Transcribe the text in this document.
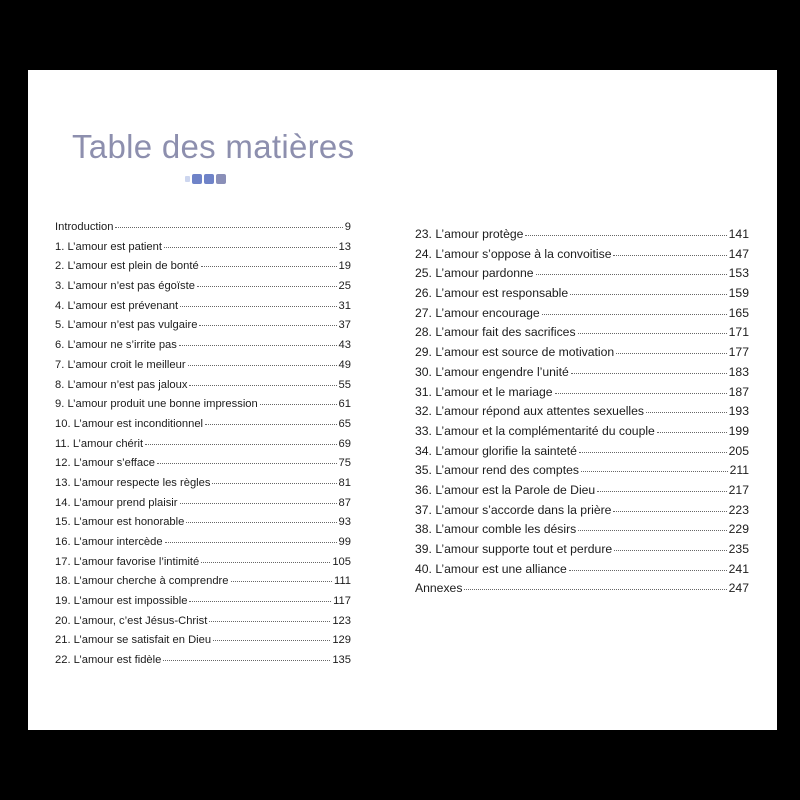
Table des matières
Introduction	9
1. L’amour est patient	13
2. L’amour est plein de bonté	19
3. L’amour n’est pas égoïste	25
4. L’amour est prévenant	31
5. L’amour n’est pas vulgaire	37
6. L’amour ne s’irrite pas	43
7. L’amour croit le meilleur	49
8. L’amour n’est pas jaloux	55
9. L’amour produit une bonne impression	61
10. L’amour est inconditionnel	65
11. L’amour chérit	69
12. L’amour s’efface	75
13. L’amour respecte les règles	81
14. L’amour prend plaisir	87
15. L’amour est honorable	93
16. L’amour intercède	99
17. L’amour favorise l’intimité	105
18. L’amour cherche à comprendre	111
19. L’amour est impossible	117
20. L’amour, c’est Jésus-Christ	123
21. L’amour se satisfait en Dieu	129
22. L’amour est fidèle	135
23. L’amour protège	141
24. L’amour s’oppose à la convoitise	147
25. L’amour pardonne	153
26. L’amour est responsable	159
27. L’amour encourage	165
28. L’amour fait des sacrifices	171
29. L’amour est source de motivation	177
30. L’amour engendre l’unité	183
31. L’amour et le mariage	187
32. L’amour répond aux attentes sexuelles	193
33. L’amour et la complémentarité du couple	199
34. L’amour glorifie la sainteté	205
35. L’amour rend des comptes	211
36. L’amour est la Parole de Dieu	217
37. L’amour s’accorde dans la prière	223
38. L’amour comble les désirs	229
39. L’amour supporte tout et perdure	235
40. L’amour est une alliance	241
Annexes	247
